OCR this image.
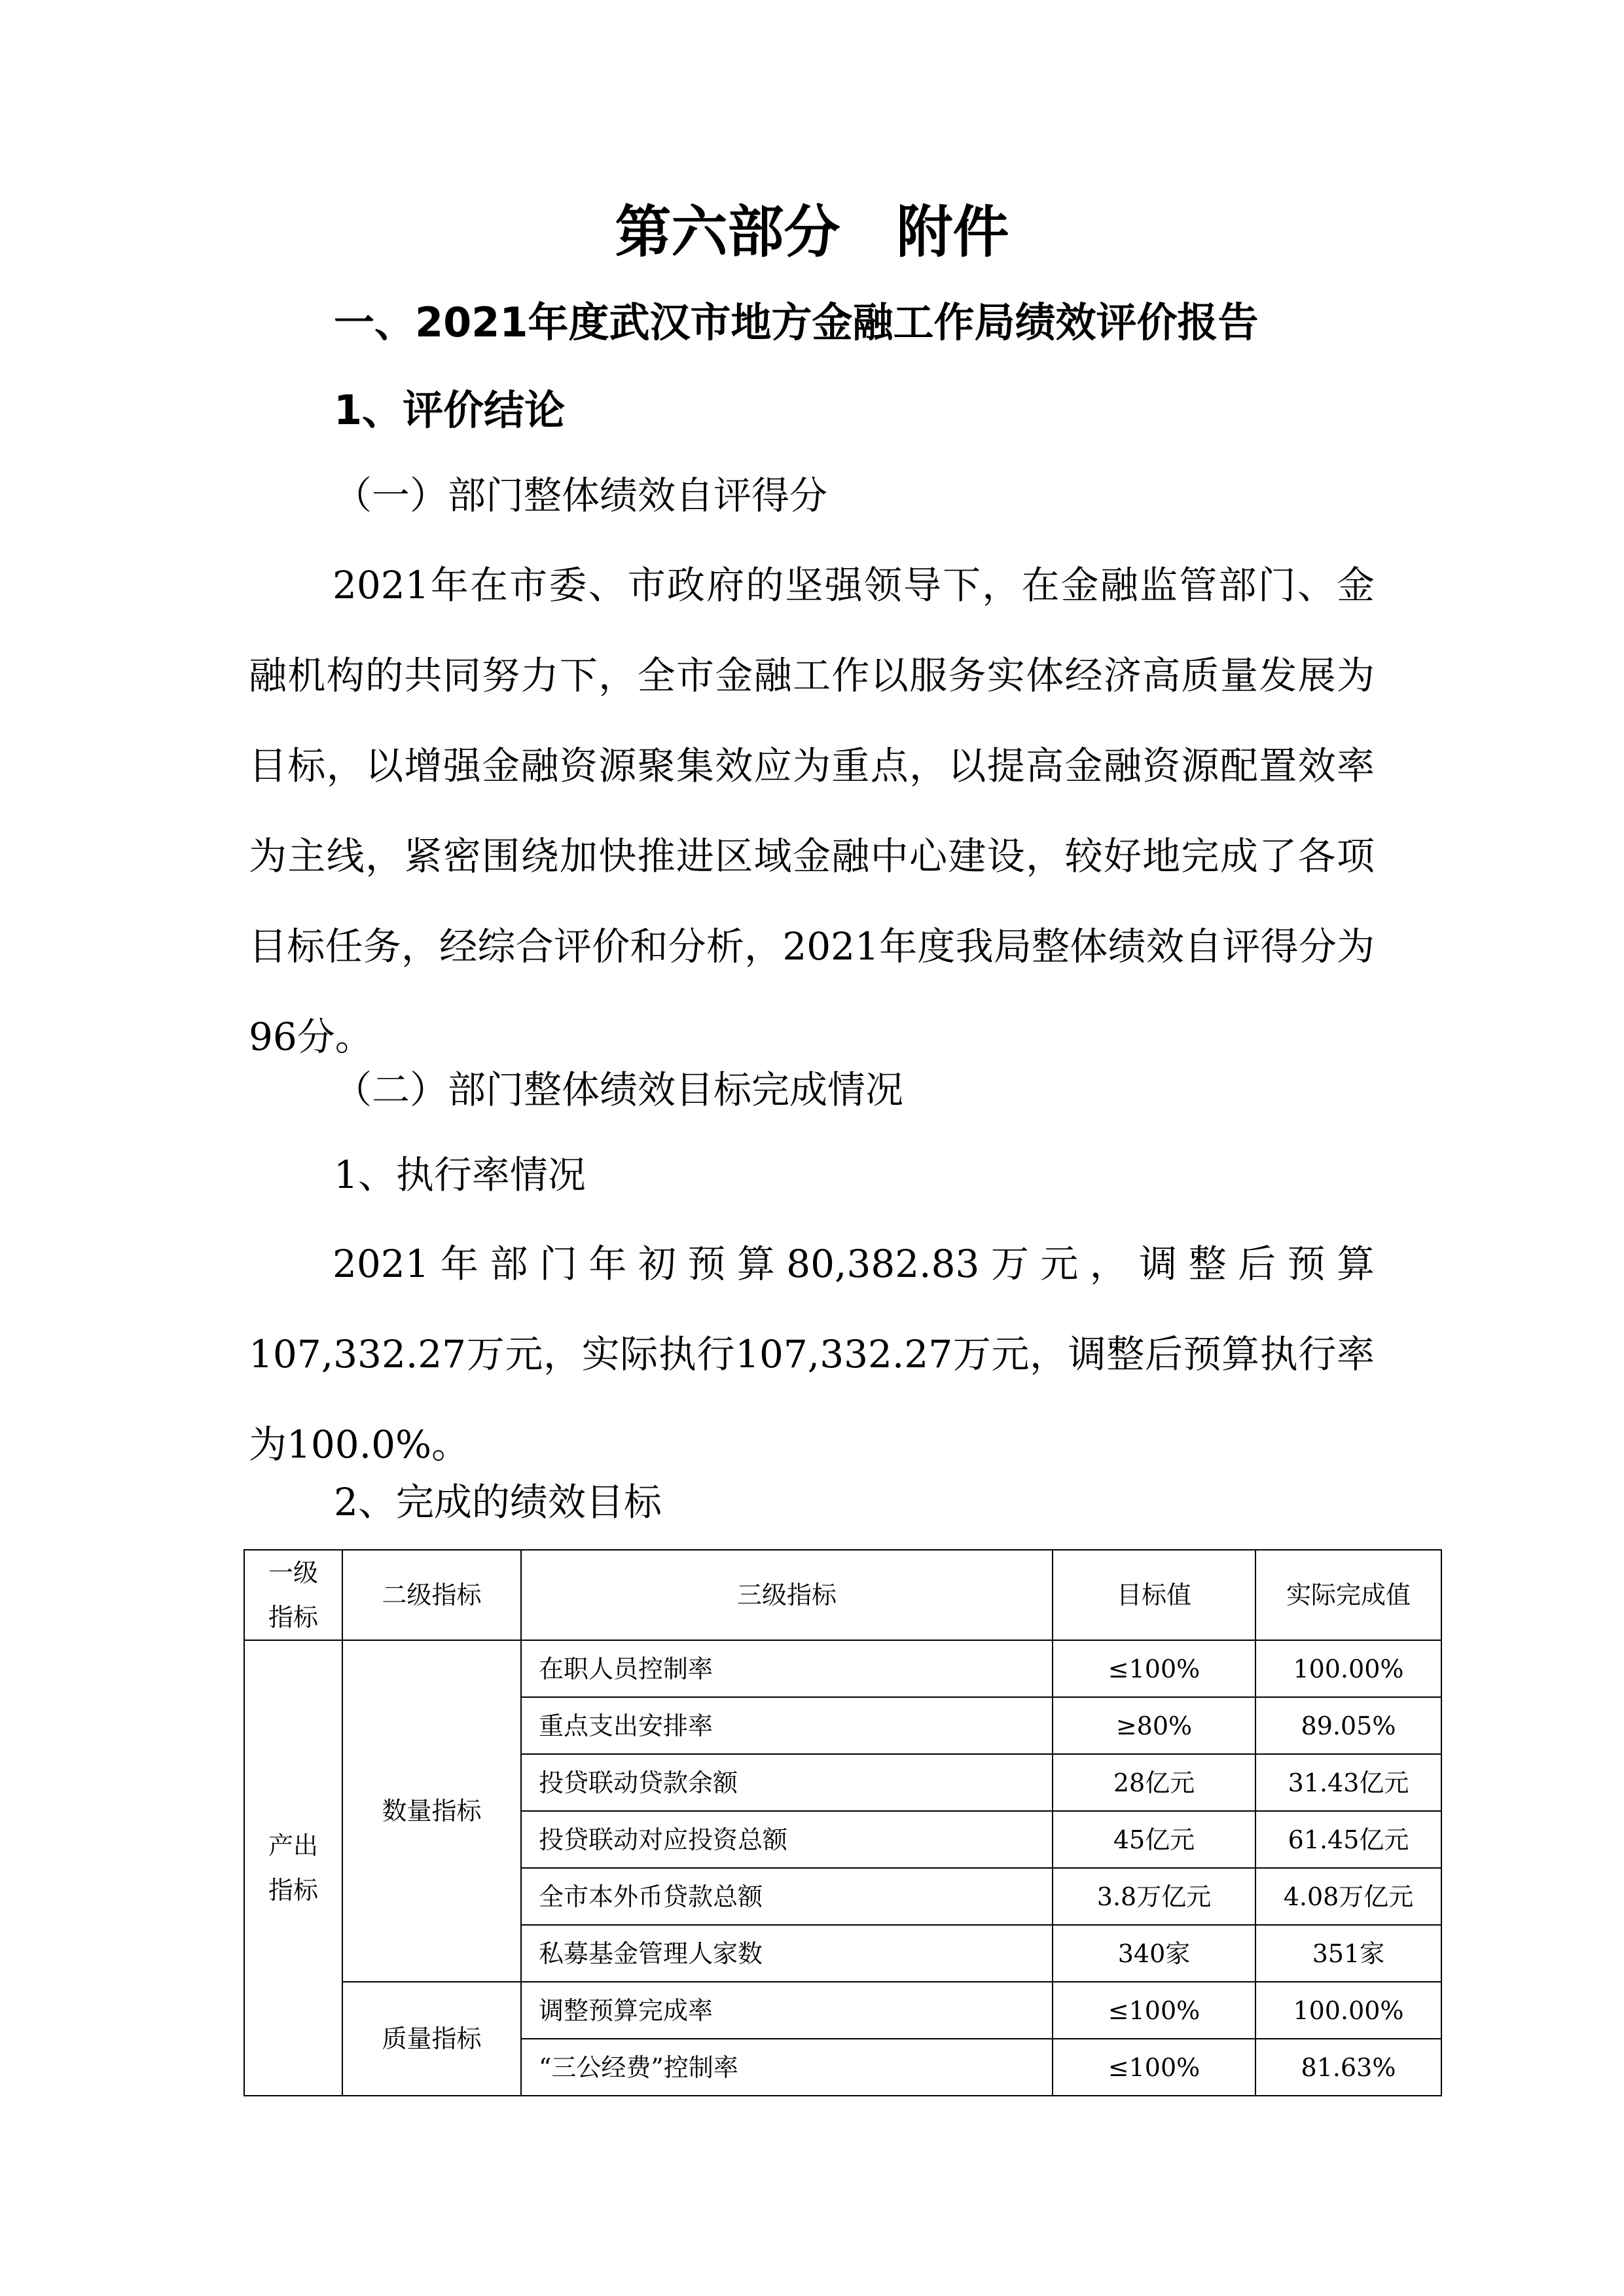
第六部分　附件
一、2021年度武汉市地方金融工作局绩效评价报告
1、评价结论
（一）部门整体绩效自评得分
2021年在市委、市政府的坚强领导下，在金融监管部门、金融机构的共同努力下，全市金融工作以服务实体经济高质量发展为目标，以增强金融资源聚集效应为重点，以提高金融资源配置效率为主线，紧密围绕加快推进区域金融中心建设，较好地完成了各项目标任务，经综合评价和分析，2021年度我局整体绩效自评得分为96分。
（二）部门整体绩效目标完成情况
1、执行率情况
2021年部门年初预算80,382.83万元，调整后预算107,332.27万元，实际执行107,332.27万元，调整后预算执行率为100.0%。
2、完成的绩效目标
一级
指标	二级指标	三级指标	目标值	实际完成值
产出
指标	数量指标	在职人员控制率	≤100%	100.00%
		重点支出安排率	≥80%	89.05%
		投贷联动贷款余额	28亿元	31.43亿元
		投贷联动对应投资总额	45亿元	61.45亿元
		全市本外币贷款总额	3.8万亿元	4.08万亿元
		私募基金管理人家数	340家	351家
	质量指标	调整预算完成率	≤100%	100.00%
		“三公经费”控制率	≤100%	81.63%
